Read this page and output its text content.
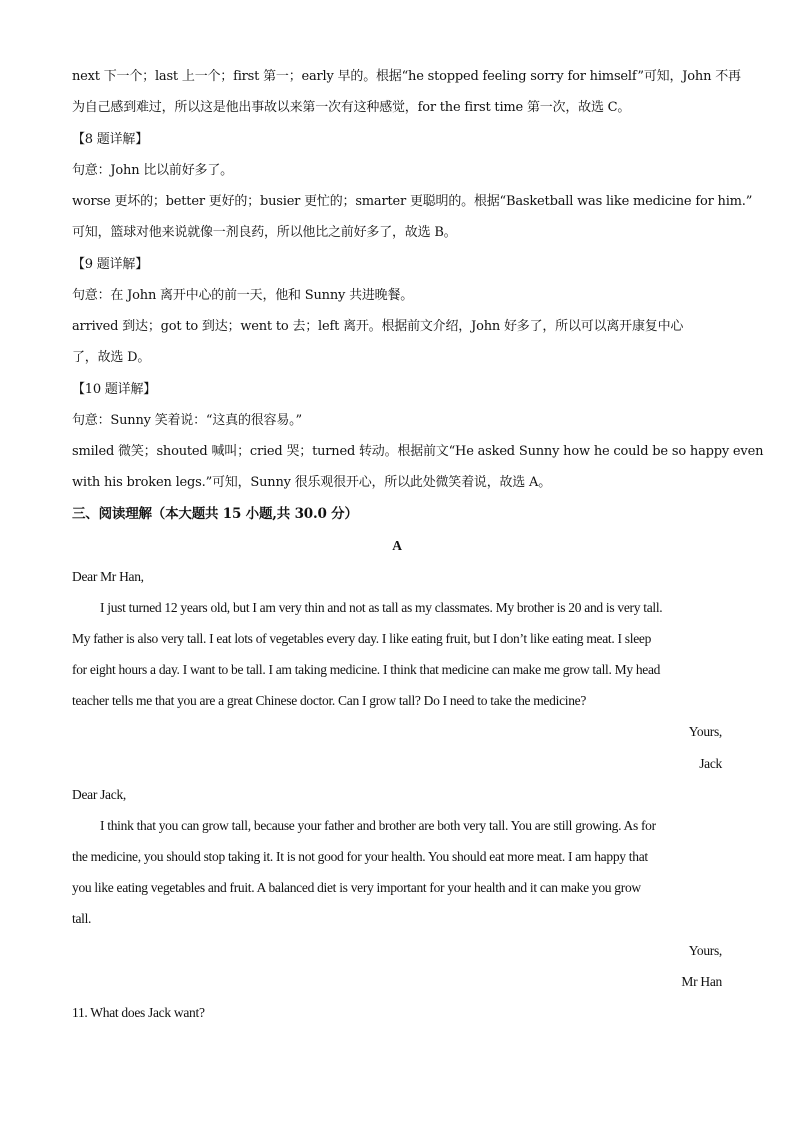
next 下一个；last 上一个；first 第一；early 早的。根据“he stopped feeling sorry for himself”可知，John 不再
为自己感到难过，所以这是他出事故以来第一次有这种感觉，for the first time 第一次，故选 C。
【8 题详解】
句意：John 比以前好多了。
worse 更坏的；better 更好的；busier 更忙的；smarter 更聪明的。根据“Basketball was like medicine for him.”
可知，篮球对他来说就像一剂良药，所以他比之前好多了，故选 B。
【9 题详解】
句意：在 John 离开中心的前一天，他和 Sunny 共进晚餐。
arrived 到达；got to 到达；went to 去；left 离开。根据前文介绍，John 好多了，所以可以离开康复中心
了，故选 D。
【10 题详解】
句意：Sunny 笑着说：“这真的很容易。”
smiled 微笑；shouted 喊叫；cried 哭；turned 转动。根据前文“He asked Sunny how he could be so happy even
with his broken legs.”可知，Sunny 很乐观很开心，所以此处微笑着说，故选 A。
三、阅读理解（本大题共 15 小题,共 30.0 分）
A
Dear Mr Han,
I just turned 12 years old, but I am very thin and not as tall as my classmates. My brother is 20 and is very tall.
My father is also very tall. I eat lots of vegetables every day. I like eating fruit, but I don’t like eating meat. I sleep
for eight hours a day. I want to be tall. I am taking medicine. I think that medicine can make me grow tall. My head
teacher tells me that you are a great Chinese doctor. Can I grow tall? Do I need to take the medicine?
Yours,
Jack
Dear Jack,
I think that you can grow tall, because your father and brother are both very tall. You are still growing. As for
the medicine, you should stop taking it. It is not good for your health. You should eat more meat. I am happy that
you like eating vegetables and fruit. A balanced diet is very important for your health and it can make you grow
tall.
Yours,
Mr Han
11. What does Jack want?
